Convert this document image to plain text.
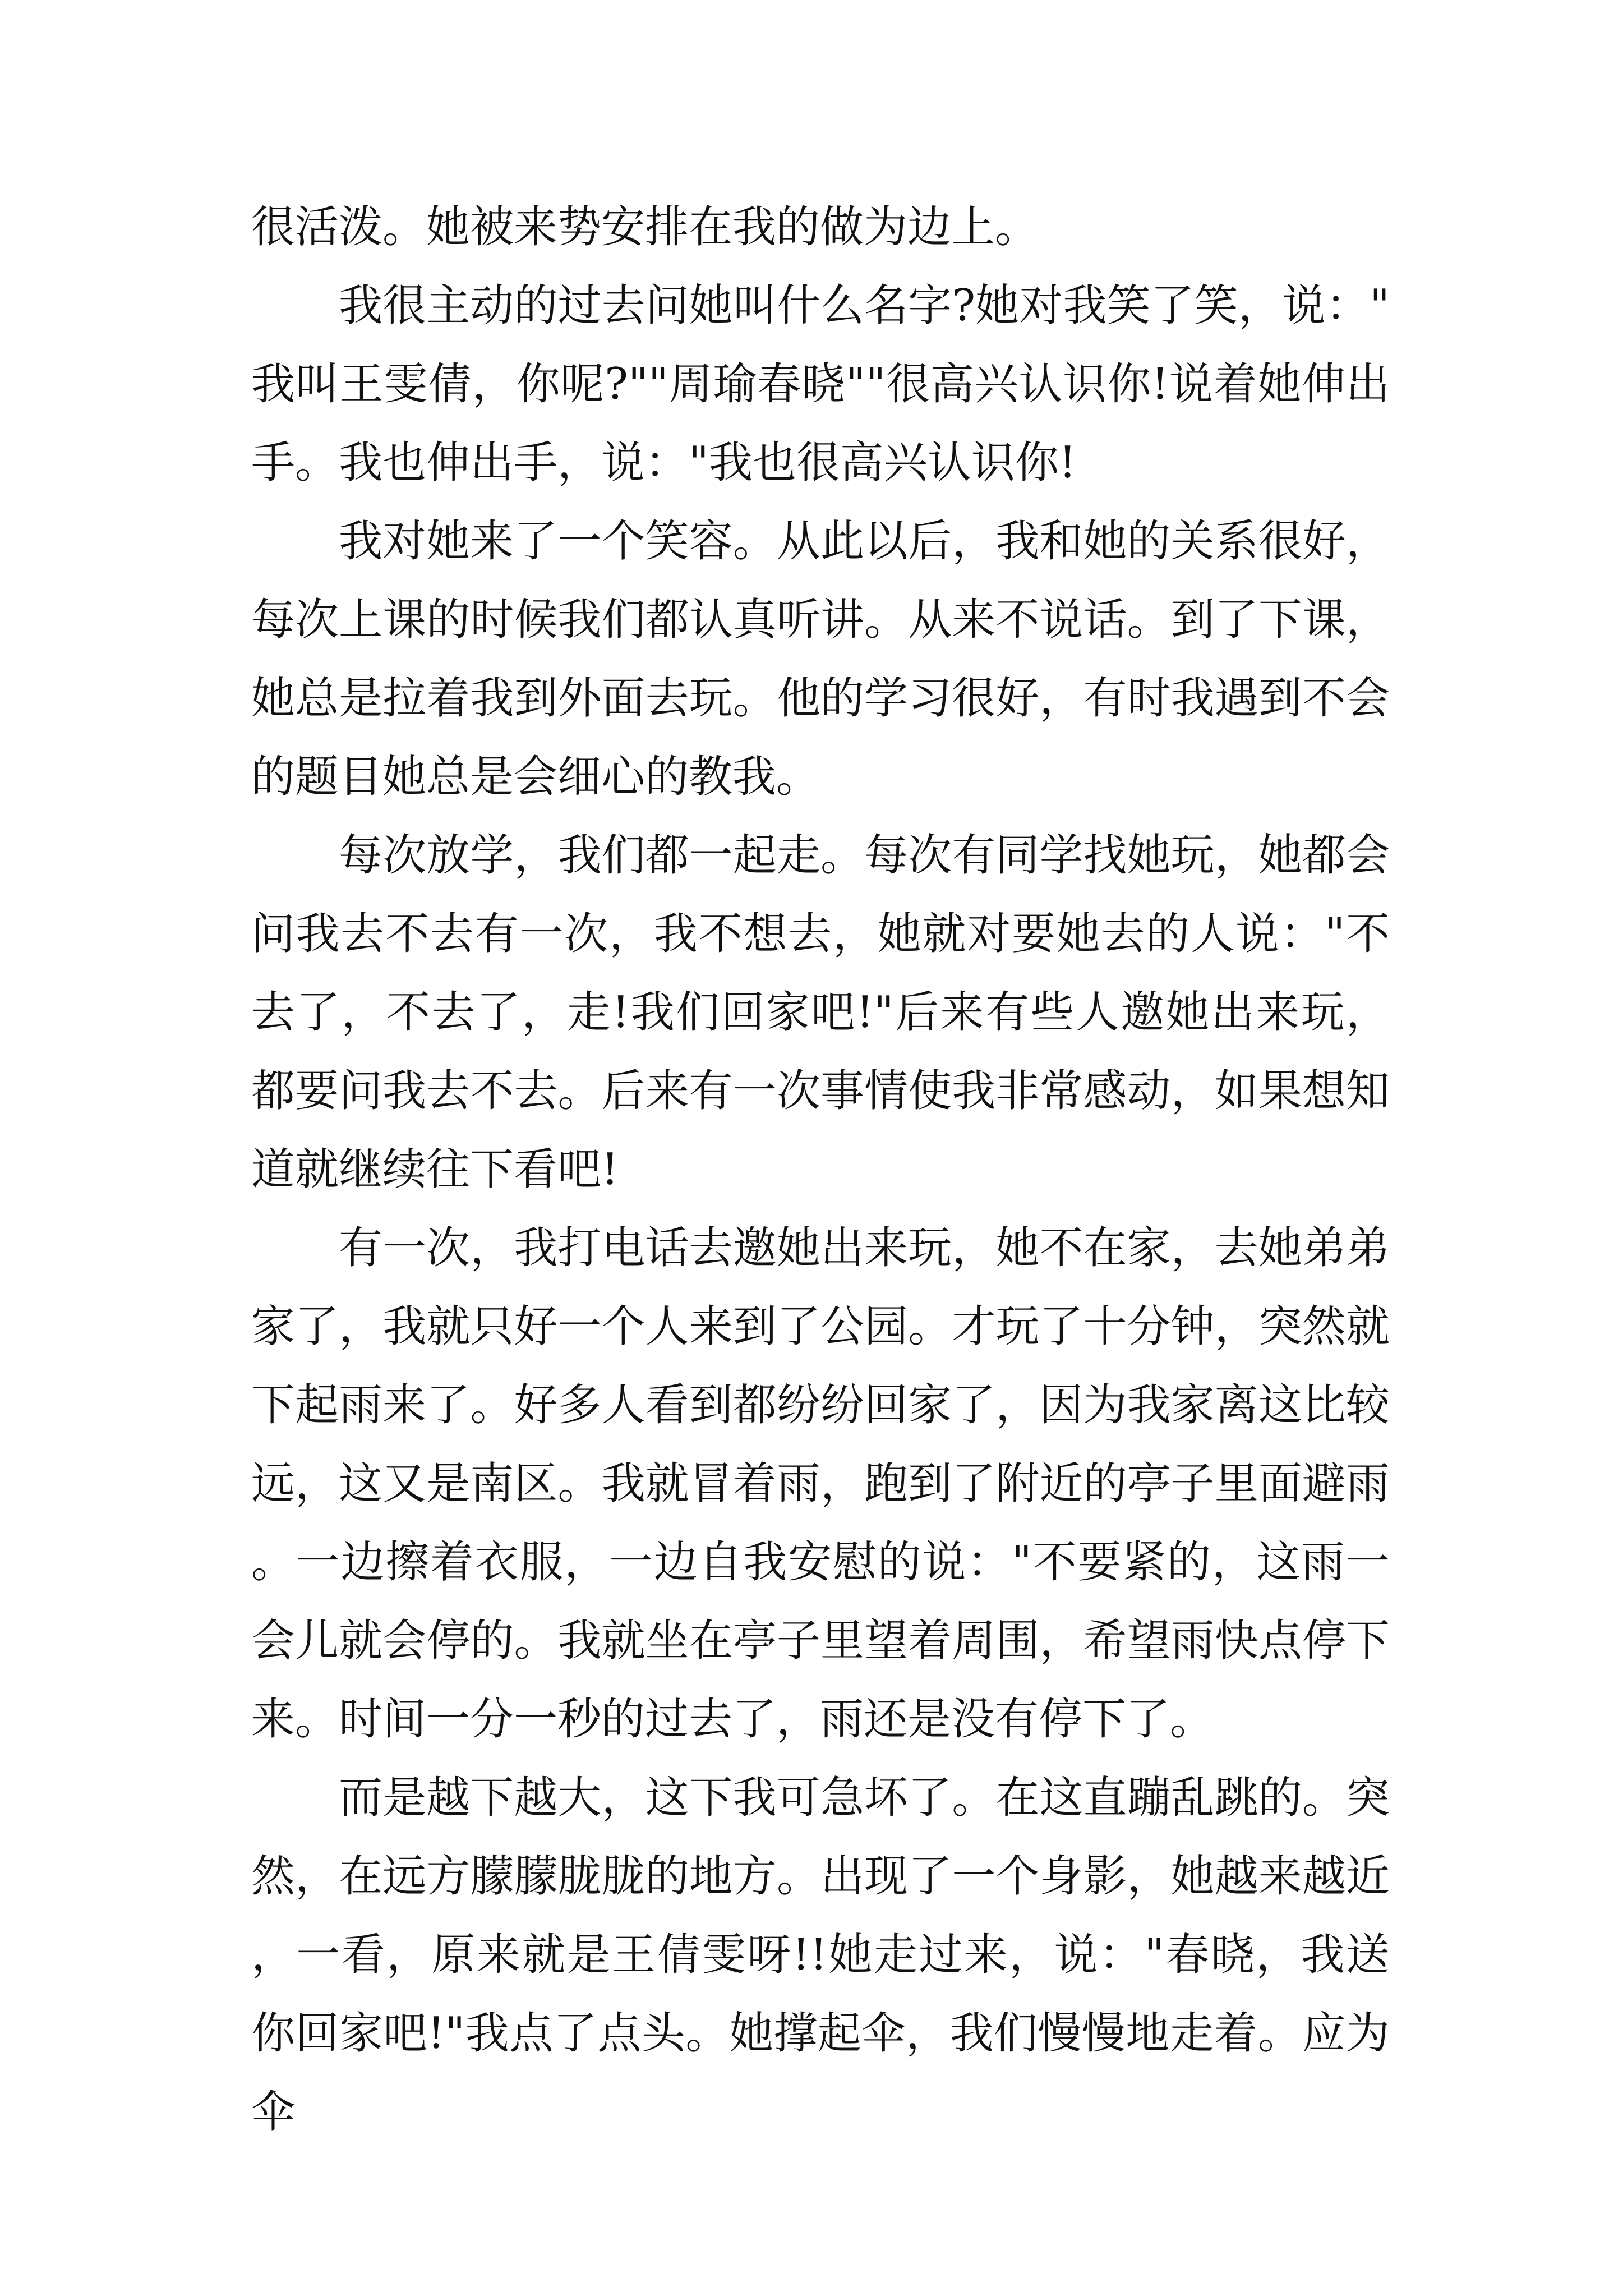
很活泼。她被来势安排在我的做为边上。

我很主动的过去问她叫什么名字?她对我笑了笑，说："我叫王雯倩，你呢?""周瑜春晓""很高兴认识你!说着她伸出手。我也伸出手，说："我也很高兴认识你!

我对她来了一个笑容。从此以后，我和她的关系很好，每次上课的时候我们都认真听讲。从来不说话。到了下课，她总是拉着我到外面去玩。他的学习很好，有时我遇到不会的题目她总是会细心的教我。

每次放学，我们都一起走。每次有同学找她玩，她都会问我去不去有一次，我不想去，她就对要她去的人说："不去了，不去了，走!我们回家吧!"后来有些人邀她出来玩，都要问我去不去。后来有一次事情使我非常感动，如果想知道就继续往下看吧!

有一次，我打电话去邀她出来玩，她不在家，去她弟弟家了，我就只好一个人来到了公园。才玩了十分钟，突然就下起雨来了。好多人看到都纷纷回家了，因为我家离这比较远，这又是南区。我就冒着雨，跑到了附近的亭子里面避雨。一边擦着衣服，一边自我安慰的说："不要紧的，这雨一会儿就会停的。我就坐在亭子里望着周围，希望雨快点停下来。时间一分一秒的过去了，雨还是没有停下了。

而是越下越大，这下我可急坏了。在这直蹦乱跳的。突然，在远方朦朦胧胧的地方。出现了一个身影，她越来越近，一看，原来就是王倩雯呀!!她走过来，说："春晓，我送你回家吧!"我点了点头。她撑起伞，我们慢慢地走着。应为伞
